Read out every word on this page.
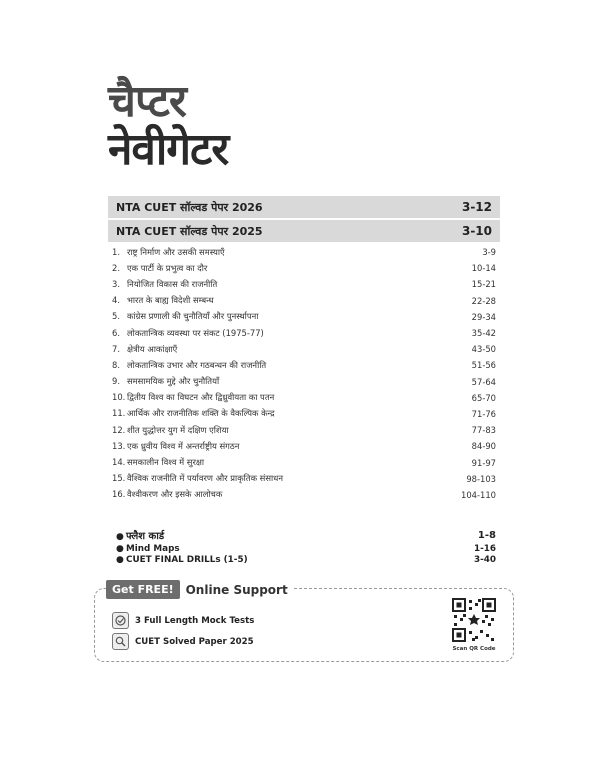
चैप्टर
नेवीगेटर
NTA CUET सॉल्वड पेपर 2026	3-12
NTA CUET सॉल्वड पेपर 2025	3-10
1. राष्ट्र निर्माण और उसकी समस्याएँ	3-9
2. एक पार्टी के प्रभुत्व का दौर	10-14
3. नियोजित विकास की राजनीति	15-21
4. भारत के बाह्य विदेशी सम्बन्ध	22-28
5. कांग्रेस प्रणाली की चुनौतियाँ और पुनर्स्थापना	29-34
6. लोकतान्त्रिक व्यवस्था पर संकट (1975-77)	35-42
7. क्षेत्रीय आकांक्षाएँ	43-50
8. लोकतान्त्रिक उभार और गठबन्धन की राजनीति	51-56
9. समसामयिक मुद्दे और चुनौतियाँ	57-64
10. द्वितीय विश्व का विघटन और द्विध्रुवीयता का पतन	65-70
11. आर्थिक और राजनीतिक शक्ति के वैकल्पिक केन्द्र	71-76
12. शीत युद्धोत्तर युग में दक्षिण एशिया	77-83
13. एक ध्रुवीय विश्व में अन्तर्राष्ट्रीय संगठन	84-90
14. समकालीन विश्व में सुरक्षा	91-97
15. वैश्विक राजनीति में पर्यावरण और प्राकृतिक संसाधन	98-103
16. वैश्वीकरण और इसके आलोचक	104-110
● फ्लैश कार्ड	1-8
● Mind Maps	1-16
● CUET FINAL DRILLs (1-5)	3-40
Get FREE!	Online Support
3 Full Length Mock Tests
CUET Solved Paper 2025
Scan QR Code
